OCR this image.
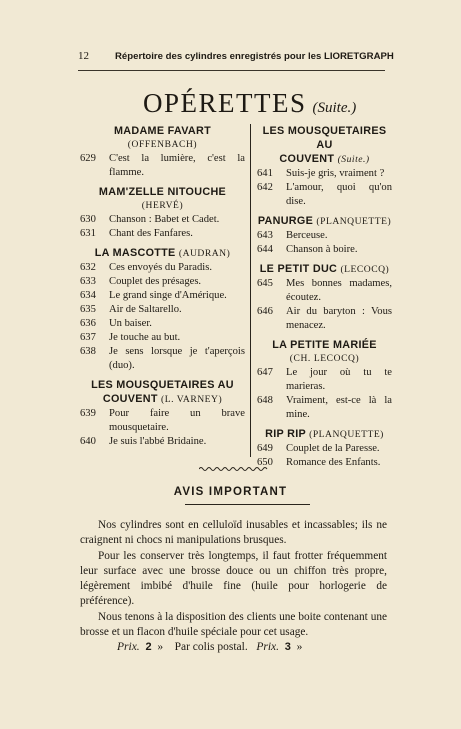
12	Répertoire des cylindres enregistrés pour les LIORETGRAPH
OPÉRETTES (Suite.)
MADAME FAVART
(OFFENBACH)
629	C'est la lumière, c'est la flamme.
MAM'ZELLE NITOUCHE
(HERVÉ)
630	Chanson : Babet et Cadet.
631	Chant des Fanfares.
LA MASCOTTE (AUDRAN)
632	Ces envoyés du Paradis.
633	Couplet des présages.
634	Le grand singe d'Amérique.
635	Air de Saltarello.
636	Un baiser.
637	Je touche au but.
638	Je sens lorsque je t'aperçois (duo).
LES MOUSQUETAIRES AU
COUVENT (L. VARNEY)
639	Pour faire un brave mousquetaire.
640	Je suis l'abbé Bridaine.
LES MOUSQUETAIRES AU
COUVENT (Suite.)
641	Suis-je gris, vraiment ?
642	L'amour, quoi qu'on dise.
PANURGE (PLANQUETTE)
643	Berceuse.
644	Chanson à boire.
LE PETIT DUC (LECOCQ)
645	Mes bonnes madames, écoutez.
646	Air du baryton : Vous menacez.
LA PETITE MARIÉE
(CH. LECOCQ)
647	Le jour où tu te marieras.
648	Vraiment, est-ce là la mine.
RIP RIP (PLANQUETTE)
649	Couplet de la Paresse.
650	Romance des Enfants.
AVIS IMPORTANT

Nos cylindres sont en celluloïd inusables et incassables; ils ne craignent ni chocs ni manipulations brusques.

Pour les conserver très longtemps, il faut frotter fréquemment leur surface avec une brosse douce ou un chiffon très propre, légèrement imbibé d'huile fine (huile pour horlogerie de préférence).

Nous tenons à la disposition des clients une boite contenant une brosse et un flacon d'huile spéciale pour cet usage.

Prix. 2 » Par colis postal. Prix. 3 »
